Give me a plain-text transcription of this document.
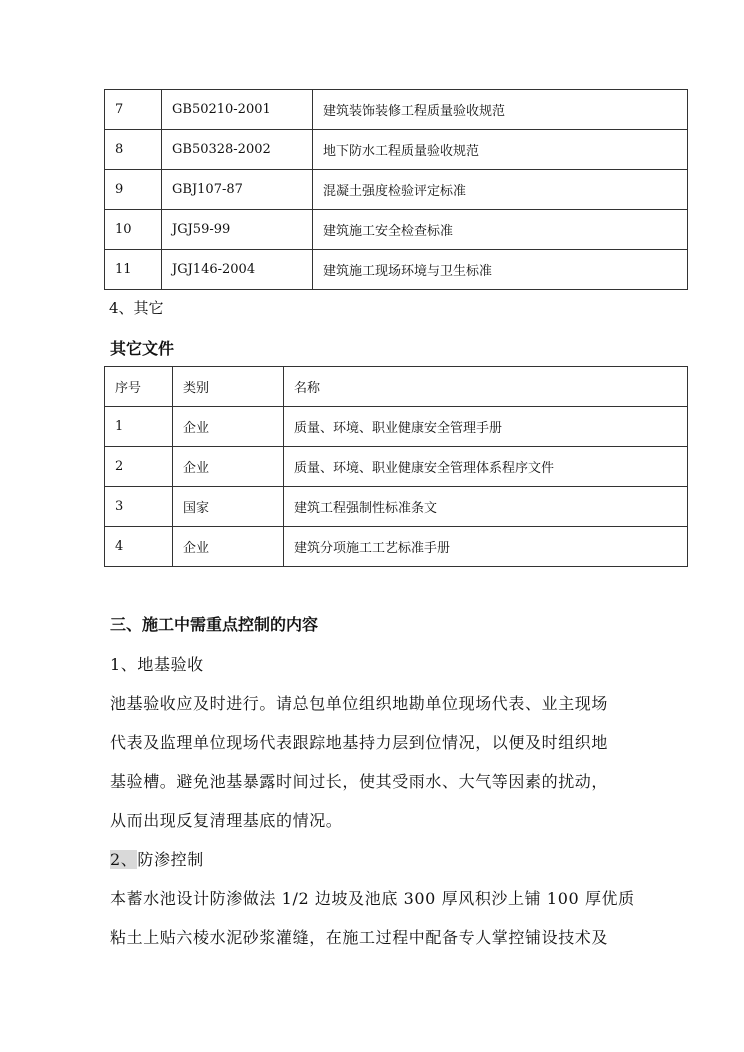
7	GB50210-2001	建筑装饰装修工程质量验收规范
8	GB50328-2002	地下防水工程质量验收规范
9	GBJ107-87	混凝土强度检验评定标准
10	JGJ59-99	建筑施工安全检查标准
11	JGJ146-2004	建筑施工现场环境与卫生标准
4、其它
其它文件
序号	类别	名称
1	企业	质量、环境、职业健康安全管理手册
2	企业	质量、环境、职业健康安全管理体系程序文件
3	国家	建筑工程强制性标准条文
4	企业	建筑分项施工工艺标准手册
三、施工中需重点控制的内容
1、地基验收
池基验收应及时进行。请总包单位组织地勘单位现场代表、业主现场
代表及监理单位现场代表跟踪地基持力层到位情况，以便及时组织地
基验槽。避免池基暴露时间过长，使其受雨水、大气等因素的扰动，
从而出现反复清理基底的情况。
2、防渗控制
本蓄水池设计防渗做法 1/2 边坡及池底 300 厚风积沙上铺 100 厚优质
粘土上贴六棱水泥砂浆灌缝，在施工过程中配备专人掌控铺设技术及
